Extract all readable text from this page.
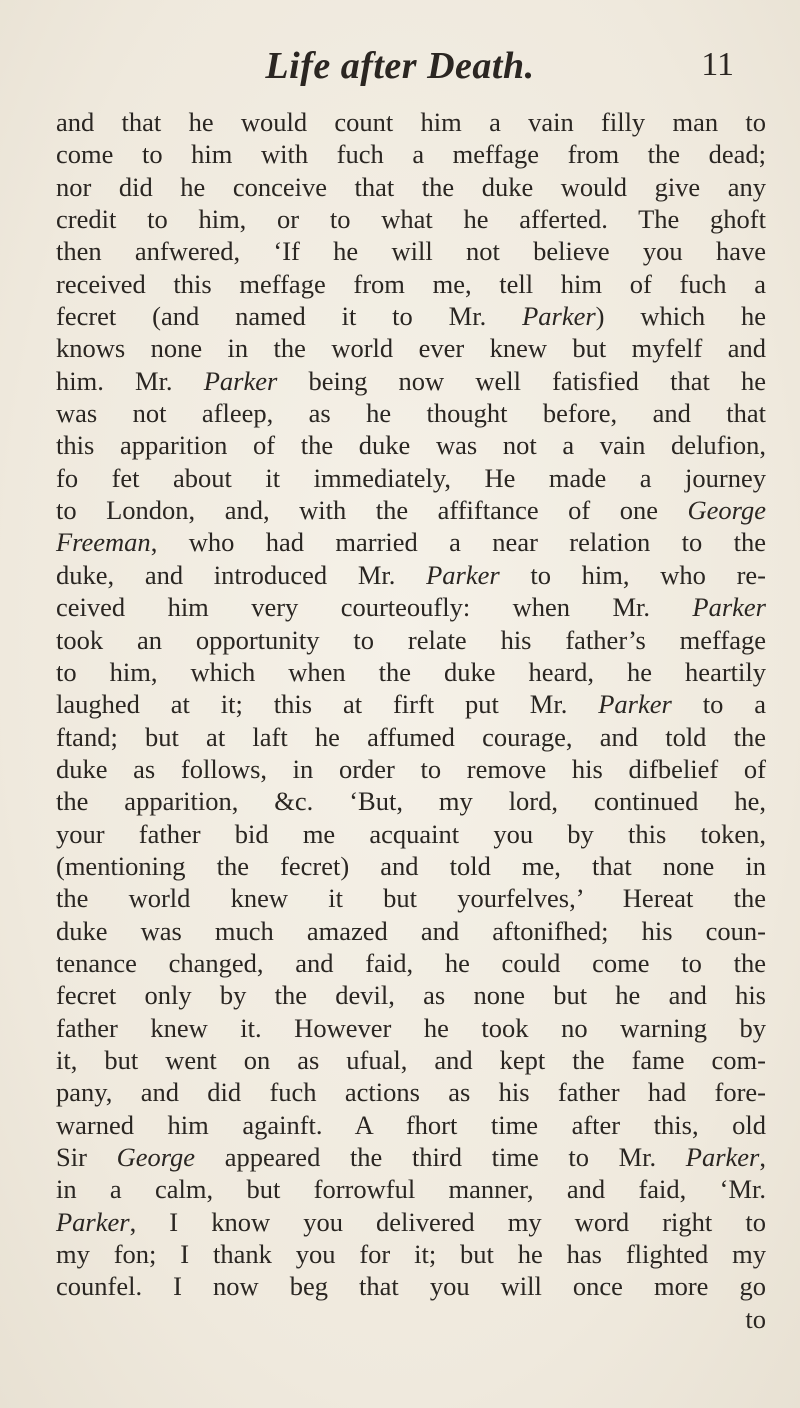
Life after Death.	11
and that he would count him a vain filly man to
come to him with fuch a meffage from the dead;
nor did he conceive that the duke would give any
credit to him, or to what he afferted. The ghoft
then anfwered, ‘If he will not believe you have
received this meffage from me, tell him of fuch a
fecret (and named it to Mr. Parker) which he
knows none in the world ever knew but myfelf and
him. Mr. Parker being now well fatisfied that he
was not afleep, as he thought before, and that
this apparition of the duke was not a vain delufion,
fo fet about it immediately, He made a journey
to London, and, with the affiftance of one George
Freeman, who had married a near relation to the
duke, and introduced Mr. Parker to him, who re-
ceived him very courteoufly: when Mr. Parker
took an opportunity to relate his father’s meffage
to him, which when the duke heard, he heartily
laughed at it; this at firft put Mr. Parker to a
ftand; but at laft he affumed courage, and told the
duke as follows, in order to remove his difbelief of
the apparition, &c. ‘But, my lord, continued he,
your father bid me acquaint you by this token,
(mentioning the fecret) and told me, that none in
the world knew it but yourfelves,’ Hereat the
duke was much amazed and aftonifhed; his coun-
tenance changed, and faid, he could come to the
fecret only by the devil, as none but he and his
father knew it. However he took no warning by
it, but went on as ufual, and kept the fame com-
pany, and did fuch actions as his father had fore-
warned him againft. A fhort time after this, old
Sir George appeared the third time to Mr. Parker,
in a calm, but forrowful manner, and faid, ‘Mr.
Parker, I know you delivered my word right to
my fon; I thank you for it; but he has flighted my
counfel. I now beg that you will once more go
to
